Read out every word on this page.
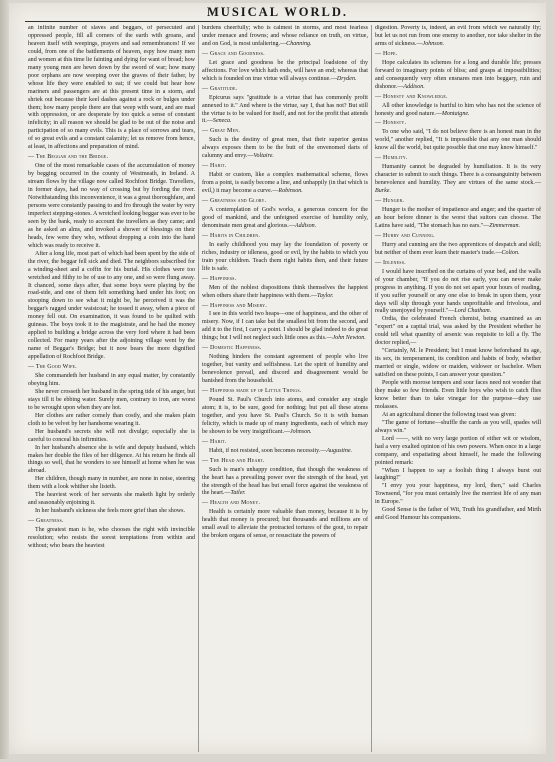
MUSICAL WORLD.

an infinite number of slaves and beggars, of persecuted and oppressed people, fill all corners of the earth with groans, and heaven itself with weepings, prayers and sad remembrances! If we could, from one of the battlements of heaven, espy how many men and women at this time lie fainting and dying for want of bread; how many young men are hewn down by the sword of war; how many poor orphans are now weeping over the graves of their father, by whose life they were enabled to eat; if we could but hear how mariners and passengers are at this present time in a storm, and shriek out because their keel dashes against a rock or bulges under them; how many people there are that weep with want, and are mad with oppression, or are desperate by too quick a sense of constant infelicity; in all reason we should be glad to be out of the noise and participation of so many evils. This is a place of sorrows and tears, of so great evils and a constant calamity; let us remove from hence, at least, in affections and preparation of mind.

— The Beggar and the Bridge.

One of the most remarkable cases of the accumulation of money by begging occurred in the county of Westmeath, in Ireland. A stream flows by the village now called Rochfoot Bridge. Travellers, in former days, had no way of crossing but by fording the river. Notwithstanding this inconvenience, it was a great thoroughfare, and persons were constantly passing to and fro through the water by very imperfect stepping-stones. A wretched looking beggar was ever to be seen by the bank, ready to account the travellers as they came; and as he asked an alms, and invoked a shower of blessings on their heads, few were they who, without dropping a coin into the hand which was ready to receive it.

After a long life, most part of which had been spent by the side of the river, the beggar fell sick and died. The neighbors subscribed for a winding-sheet and a coffin for his burial. His clothes were too wretched and filthy to be of use to any one, and so were flung away. It chanced, some days after, that some boys were playing by the road-side, and one of them felt something hard under his foot; on stooping down to see what it might be, he perceived it was the beggar's ragged under waistcoat; he tossed it away, when a piece of money fell out. On examination, it was found to be quilted with guineas. The boys took it to the magistrate, and he had the money applied to building a bridge across the very ford where it had been collected. For many years after the adjoining village went by the name of Beggar's Bridge; but it now bears the more dignified appellation of Rochfoot Bridge.

— The Good Wife.

She commandeth her husband in any equal matter, by constantly obeying him.

She never crosseth her husband in the spring tide of his anger, but stays till it be ebbing water. Surely men, contrary to iron, are worst to be wrought upon when they are hot.

Her clothes are rather comely than costly, and she makes plain cloth to be velvet by her handsome wearing it.

Her husband's secrets she will not divulge; especially she is careful to conceal his infirmities.

In her husband's absence she is wife and deputy husband, which makes her double the files of her diligence. At his return he finds all things so well, that he wonders to see himself at home when he was abroad.

Her children, though many in number, are none in noise, steering them with a look whither she listeth.

The heaviest work of her servants she maketh light by orderly and seasonably enjoining it.

In her husband's sickness she feels more grief than she shows.

— Greatness.

The greatest man is he, who chooses the right with invincible resolution; who resists the sorest temptations from within and without; who bears the heaviest

burdens cheerfully; who is calmest in storms, and most fearless under menace and frowns; and whose reliance on truth, on virtue, and on God, is most unfaltering.—Channing.

— Grace and Goodness.

Let grace and goodness be the principal loadstone of thy affections. For love which hath ends, will have an end; whereas that which is founded on true virtue will always continue.—Dryden.

— Gratitude.

Epicurus says "gratitude is a virtue that has commonly profit annexed to it." And where is the virtue, say I, that has not? But still the virtue is to be valued for itself, and not for the profit that attends it.—Seneca.

— Great Men.

Such is the destiny of great men, that their superior genius always exposes them to be the butt of the envenomed darts of calumny and envy.—Voltaire.

— Habit.

Habit or custom, like a complex mathematical scheme, flows from a point, is easily become a line, and unhappily (in that which is evil,) it may become a curve.—Robinson.

— Greatness and Glory.

A contemplation of God's works, a generous concern for the good of mankind, and the unfeigned exercise of humility only, denominate men great and glorious.—Addison.

— Habits in Children.

In early childhood you may lay the foundation of poverty or riches, industry or idleness, good or evil, by the habits to which you train your children. Teach them right habits then, and their future life is safe.

— Happiness.

Men of the noblest dispositions think themselves the happiest when others share their happiness with them.—Taylor.

— Happiness and Misery.

I see in this world two heaps—one of happiness, and the other of misery. Now, if I can take but the smallest bit from the second, and add it to the first, I carry a point. I should be glad indeed to do great things; but I will not neglect such little ones as this.—John Newton.

— Domestic Happiness.

Nothing hinders the constant agreement of people who live together, but vanity and selfishness. Let the spirit of humility and benevolence prevail, and discord and disagreement would be banished from the household.

— Happiness made up of Little Things.

Pound St. Paul's Church into atoms, and consider any single atom; it is, to be sure, good for nothing; but put all these atoms together, and you have St. Paul's Church. So it is with human felicity, which is made up of many ingredients, each of which may be shown to be very insignificant.—Johnson.

— Habit.

Habit, if not resisted, soon becomes necessity.—Augustine.

— The Head and Heart.

Such is man's unhappy condition, that though the weakness of the heart has a prevailing power over the strength of the head, yet the strength of the head has but small force against the weakness of the heart.—Tatler.

— Health and Money.

Health is certainly more valuable than money, because it is by health that money is procured; but thousands and millions are of small avail to alleviate the protracted tortures of the gout, to repair the broken organs of sense, or resuscitate the powers of

digestion. Poverty is, indeed, an evil from which we naturally fly; but let us not run from one enemy to another, nor take shelter in the arms of sickness.—Johnson.

— Hope.

Hope calculates its schemes for a long and durable life; presses forward to imaginary points of bliss; and grasps at impossibilities; and consequently very often ensnares men into beggary, ruin and dishonor.—Addison.

— Honesty and Knowledge.

All other knowledge is hurtful to him who has not the science of honesty and good nature.—Montaigne.

— Honesty.

To one who said, "I do not believe there is an honest man in the world," another replied, "It is impossible that any one man should know all the world, but quite possible that one may know himself."

— Humility.

Humanity cannot be degraded by humiliation. It is its very character to submit to such things. There is a consanguinity between benevolence and humility. They are virtues of the same stock.—Burke.

— Hunger.

Hunger is the mother of impatience and anger; and the quarter of an hour before dinner is the worst that suitors can choose. The Latins have said, "The stomach has no ears."—Zimmerman.

— Hurry and Cunning.

Hurry and cunning are the two apprentices of despatch and skill; but neither of them ever learn their master's trade.—Colton.

— Idleness.

I would have inscribed on the curtains of your bed, and the walls of your chamber, "If you do not rise early, you can never make progress in anything. If you do not set apart your hours of reading, if you suffer yourself or any one else to break in upon them, your days will slip through your hands unprofitable and frivolous, and really unenjoyed by yourself."—Lord Chatham.

Ordia, the celebrated French chemist, being examined as an "expert" on a capital trial, was asked by the President whether he could tell what quantity of arsenic was requisite to kill a fly. The doctor replied,—

"Certainly, M. le President; but I must know beforehand its age, its sex, its temperament, its condition and habits of body, whether married or single, widow or maiden, widower or bachelor. When satisfied on these points, I can answer your question."

People with morose tempers and sour faces need not wonder that they make so few friends. Even little boys who wish to catch flies know better than to take vinegar for the purpose—they use molasses.

At an agricultural dinner the following toast was given:

"The game of fortune—shuffle the cards as you will, spades will always win."

Lord ——, with no very large portion of either wit or wisdom, had a very exalted opinion of his own powers. When once in a large company, and expatiating about himself, he made the following pointed remark:

"When I happen to say a foolish thing I always burst out laughing!"

"I envy you your happiness, my lord, then," said Charles Townsend, "for you must certainly live the merriest life of any man in Europe."

Good Sense is the father of Wit, Truth his grandfather, and Mirth and Good Humour his companions.
